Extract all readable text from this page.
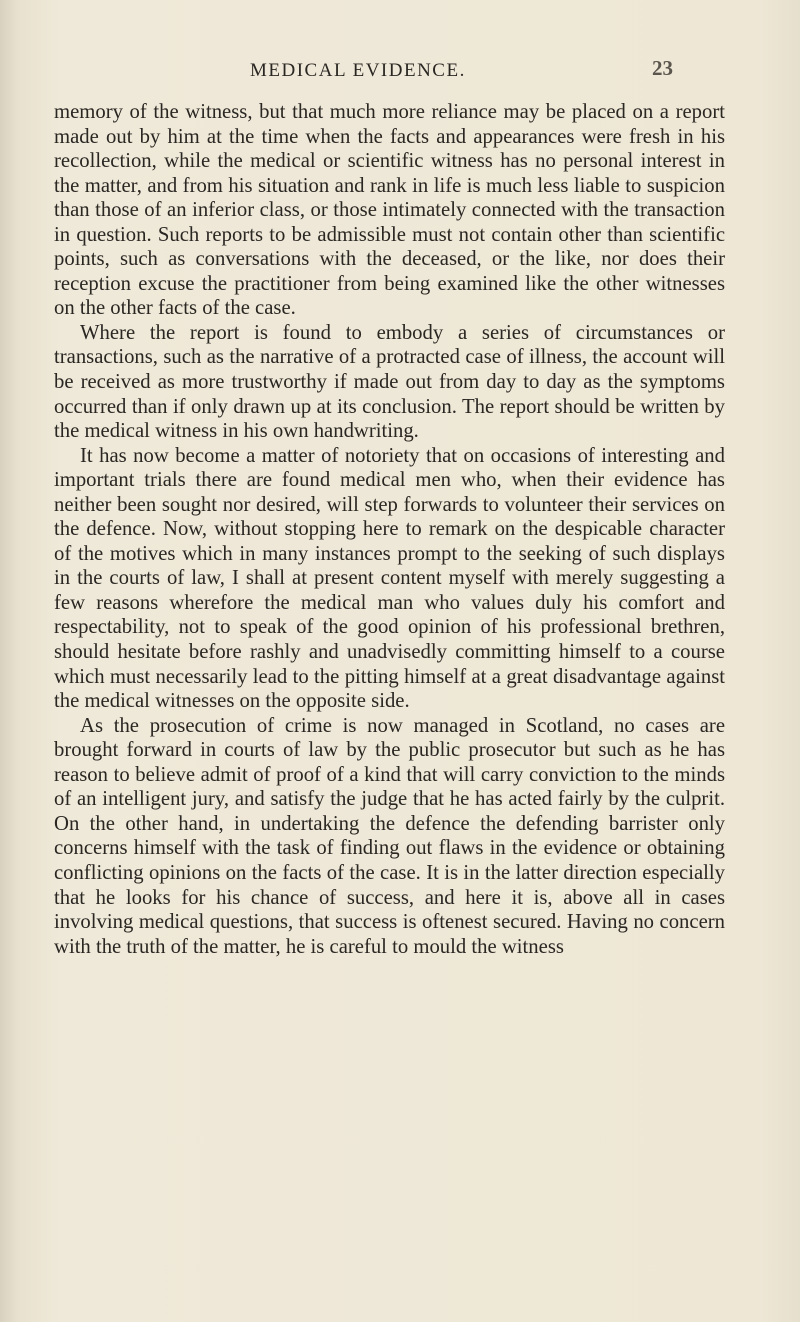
MEDICAL EVIDENCE.	23

memory of the witness, but that much more reliance may be placed on a report made out by him at the time when the facts and appearances were fresh in his recollection, while the medical or scientific witness has no personal interest in the matter, and from his situation and rank in life is much less liable to suspicion than those of an inferior class, or those intimately connected with the transaction in question. Such reports to be admissible must not contain other than scientific points, such as conversations with the deceased, or the like, nor does their reception excuse the practitioner from being examined like the other witnesses on the other facts of the case.

Where the report is found to embody a series of circumstances or transactions, such as the narrative of a protracted case of illness, the account will be received as more trustworthy if made out from day to day as the symptoms occurred than if only drawn up at its conclusion. The report should be written by the medical witness in his own handwriting.

It has now become a matter of notoriety that on occasions of interesting and important trials there are found medical men who, when their evidence has neither been sought nor desired, will step forwards to volunteer their services on the defence. Now, without stopping here to remark on the despicable character of the motives which in many instances prompt to the seeking of such displays in the courts of law, I shall at present content myself with merely suggesting a few reasons wherefore the medical man who values duly his comfort and respectability, not to speak of the good opinion of his professional brethren, should hesitate before rashly and unadvisedly committing himself to a course which must necessarily lead to the pitting himself at a great disadvantage against the medical witnesses on the opposite side.

As the prosecution of crime is now managed in Scotland, no cases are brought forward in courts of law by the public prosecutor but such as he has reason to believe admit of proof of a kind that will carry conviction to the minds of an intelligent jury, and satisfy the judge that he has acted fairly by the culprit. On the other hand, in undertaking the defence the defending barrister only concerns himself with the task of finding out flaws in the evidence or obtaining conflicting opinions on the facts of the case. It is in the latter direction especially that he looks for his chance of success, and here it is, above all in cases involving medical questions, that success is oftenest secured. Having no concern with the truth of the matter, he is careful to mould the witness
